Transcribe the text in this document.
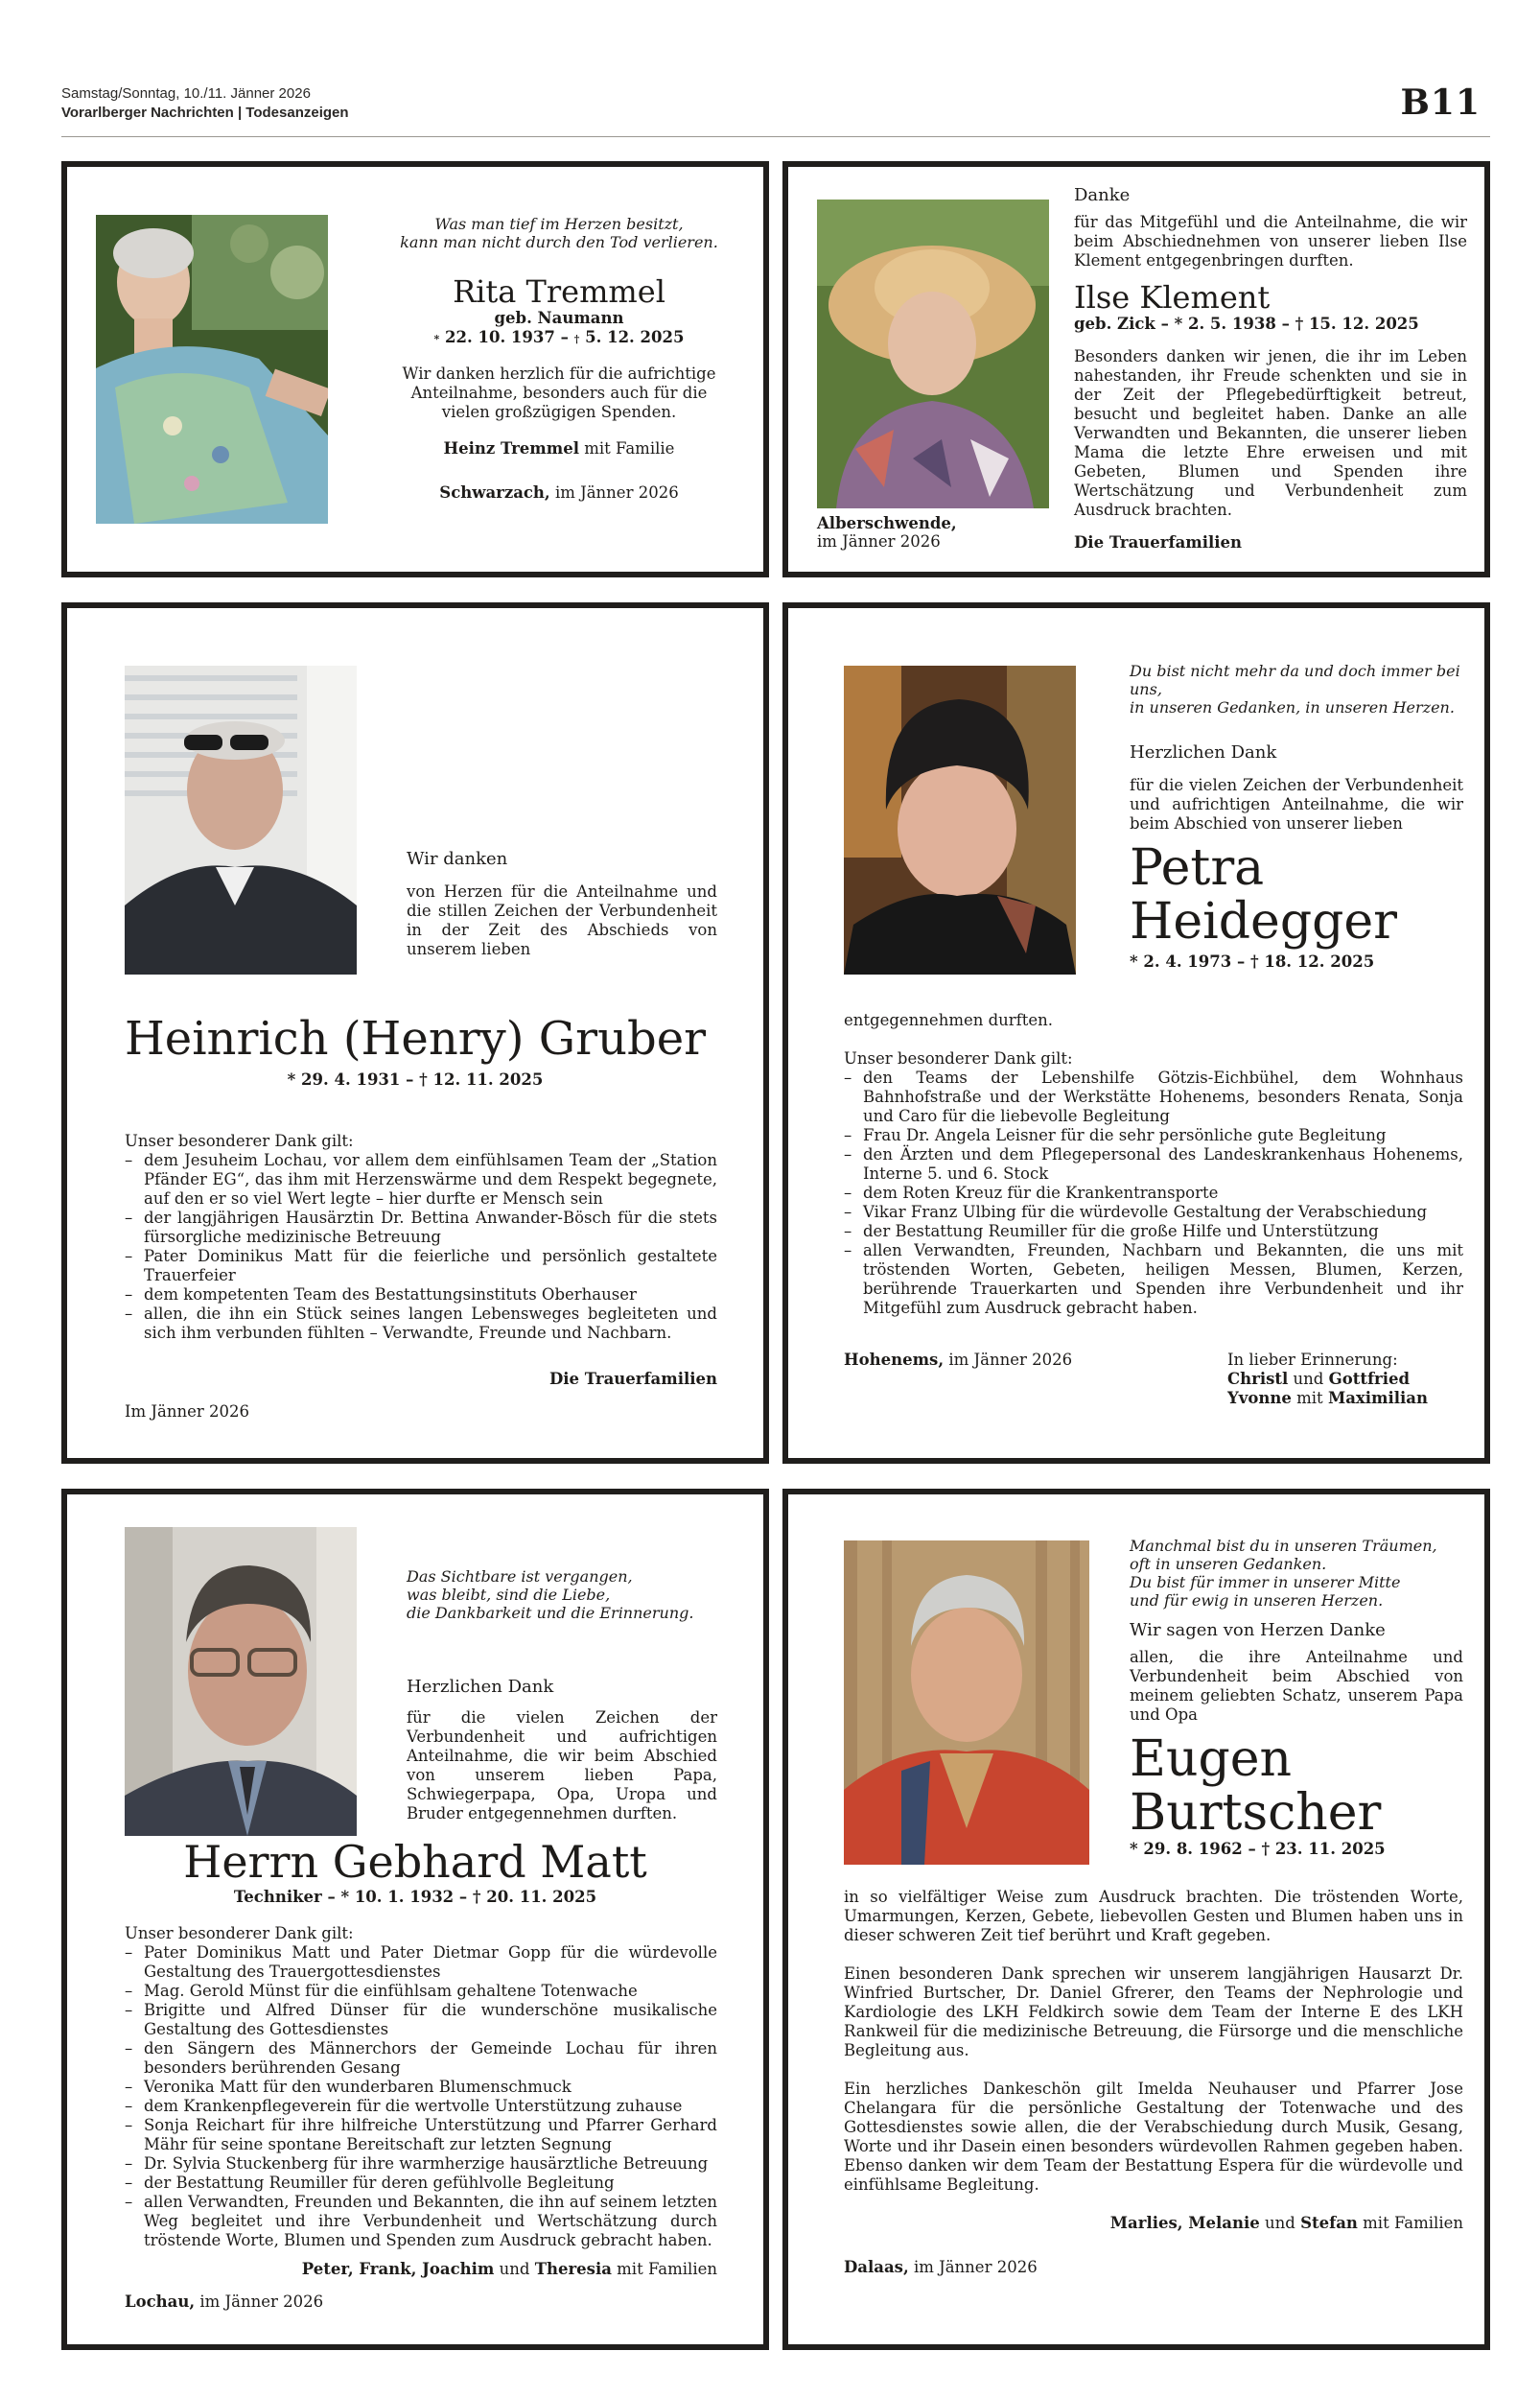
Samstag/Sonntag, 10./11. Jänner 2026
Vorarlberger Nachrichten | Todesanzeigen	B11
Was man tief im Herzen besitzt,
kann man nicht durch den Tod verlieren.
Rita Tremmel
geb. Naumann
* 22. 10. 1937 – † 5. 12. 2025
Wir danken herzlich für die aufrichtige Anteilnahme, besonders auch für die vielen großzügigen Spenden.
Heinz Tremmel mit Familie
Schwarzach, im Jänner 2026
Alberschwende,
im Jänner 2026
Danke
für das Mitgefühl und die Anteilnahme, die wir beim Abschiednehmen von unserer lieben Ilse Klement entgegenbringen durften.
Ilse Klement
geb. Zick – * 2. 5. 1938 – † 15. 12. 2025
Besonders danken wir jenen, die ihr im Leben nahestanden, ihr Freude schenkten und sie in der Zeit der Pflegebedürftigkeit betreut, besucht und begleitet haben. Danke an alle Verwandten und Bekannten, die unserer lieben Mama die letzte Ehre erweisen und mit Gebeten, Blumen und Spenden ihre Wertschätzung und Verbundenheit zum Ausdruck brachten.
Die Trauerfamilien
Wir danken
von Herzen für die Anteilnahme und die stillen Zeichen der Verbundenheit in der Zeit des Abschieds von unserem lieben
Heinrich (Henry) Gruber
* 29. 4. 1931 – † 12. 11. 2025
Unser besonderer Dank gilt:
– dem Jesuheim Lochau, vor allem dem einfühlsamen Team der „Station Pfänder EG“, das ihm mit Herzenswärme und dem Respekt begegnete, auf den er so viel Wert legte – hier durfte er Mensch sein
– der langjährigen Hausärztin Dr. Bettina Anwander-Bösch für die stets fürsorgliche medizinische Betreuung
– Pater Dominikus Matt für die feierliche und persönlich gestaltete Trauerfeier
– dem kompetenten Team des Bestattungsinstituts Oberhauser
– allen, die ihn ein Stück seines langen Lebensweges begleiteten und sich ihm verbunden fühlten – Verwandte, Freunde und Nachbarn.
Die Trauerfamilien
Im Jänner 2026
Du bist nicht mehr da und doch immer bei uns,
in unseren Gedanken, in unseren Herzen.
Herzlichen Dank
für die vielen Zeichen der Verbundenheit und aufrichtigen Anteilnahme, die wir beim Abschied von unserer lieben
Petra
Heidegger
* 2. 4. 1973 – † 18. 12. 2025
entgegennehmen durften.
Unser besonderer Dank gilt:
– den Teams der Lebenshilfe Götzis-Eichbühel, dem Wohnhaus Bahnhofstraße und der Werkstätte Hohenems, besonders Renata, Sonja und Caro für die liebevolle Begleitung
– Frau Dr. Angela Leisner für die sehr persönliche gute Begleitung
– den Ärzten und dem Pflegepersonal des Landeskrankenhaus Hohenems, Interne 5. und 6. Stock
– dem Roten Kreuz für die Krankentransporte
– Vikar Franz Ulbing für die würdevolle Gestaltung der Verabschiedung
– der Bestattung Reumiller für die große Hilfe und Unterstützung
– allen Verwandten, Freunden, Nachbarn und Bekannten, die uns mit tröstenden Worten, Gebeten, heiligen Messen, Blumen, Kerzen, berührende Trauerkarten und Spenden ihre Verbundenheit und ihr Mitgefühl zum Ausdruck gebracht haben.
Hohenems, im Jänner 2026	In lieber Erinnerung:
Christl und Gottfried
Yvonne mit Maximilian
Das Sichtbare ist vergangen,
was bleibt, sind die Liebe,
die Dankbarkeit und die Erinnerung.
Herzlichen Dank
für die vielen Zeichen der Verbundenheit und aufrichtigen Anteilnahme, die wir beim Abschied von unserem lieben Papa, Schwiegerpapa, Opa, Uropa und Bruder entgegennehmen durften.
Herrn Gebhard Matt
Techniker – * 10. 1. 1932 – † 20. 11. 2025
Unser besonderer Dank gilt:
– Pater Dominikus Matt und Pater Dietmar Gopp für die würdevolle Gestaltung des Trauergottesdienstes
– Mag. Gerold Münst für die einfühlsam gehaltene Totenwache
– Brigitte und Alfred Dünser für die wunderschöne musikalische Gestaltung des Gottesdienstes
– den Sängern des Männerchors der Gemeinde Lochau für ihren besonders berührenden Gesang
– Veronika Matt für den wunderbaren Blumenschmuck
– dem Krankenpflegeverein für die wertvolle Unterstützung zuhause
– Sonja Reichart für ihre hilfreiche Unterstützung und Pfarrer Gerhard Mähr für seine spontane Bereitschaft zur letzten Segnung
– Dr. Sylvia Stuckenberg für ihre warmherzige hausärztliche Betreuung
– der Bestattung Reumiller für deren gefühlvolle Begleitung
– allen Verwandten, Freunden und Bekannten, die ihn auf seinem letzten Weg begleitet und ihre Verbundenheit und Wertschätzung durch tröstende Worte, Blumen und Spenden zum Ausdruck gebracht haben.
Peter, Frank, Joachim und Theresia mit Familien
Lochau, im Jänner 2026
Manchmal bist du in unseren Träumen,
oft in unseren Gedanken.
Du bist für immer in unserer Mitte
und für ewig in unseren Herzen.
Wir sagen von Herzen Danke
allen, die ihre Anteilnahme und Verbundenheit beim Abschied von meinem geliebten Schatz, unserem Papa und Opa
Eugen
Burtscher
* 29. 8. 1962 – † 23. 11. 2025
in so vielfältiger Weise zum Ausdruck brachten. Die tröstenden Worte, Umarmungen, Kerzen, Gebete, liebevollen Gesten und Blumen haben uns in dieser schweren Zeit tief berührt und Kraft gegeben.
Einen besonderen Dank sprechen wir unserem langjährigen Hausarzt Dr. Winfried Burtscher, Dr. Daniel Gfrerer, den Teams der Nephrologie und Kardiologie des LKH Feldkirch sowie dem Team der Interne E des LKH Rankweil für die medizinische Betreuung, die Fürsorge und die menschliche Begleitung aus.
Ein herzliches Dankeschön gilt Imelda Neuhauser und Pfarrer Jose Chelangara für die persönliche Gestaltung der Totenwache und des Gottesdienstes sowie allen, die der Verabschiedung durch Musik, Gesang, Worte und ihr Dasein einen besonders würdevollen Rahmen gegeben haben. Ebenso danken wir dem Team der Bestattung Espera für die würdevolle und einfühlsame Begleitung.
Marlies, Melanie und Stefan mit Familien
Dalaas, im Jänner 2026
